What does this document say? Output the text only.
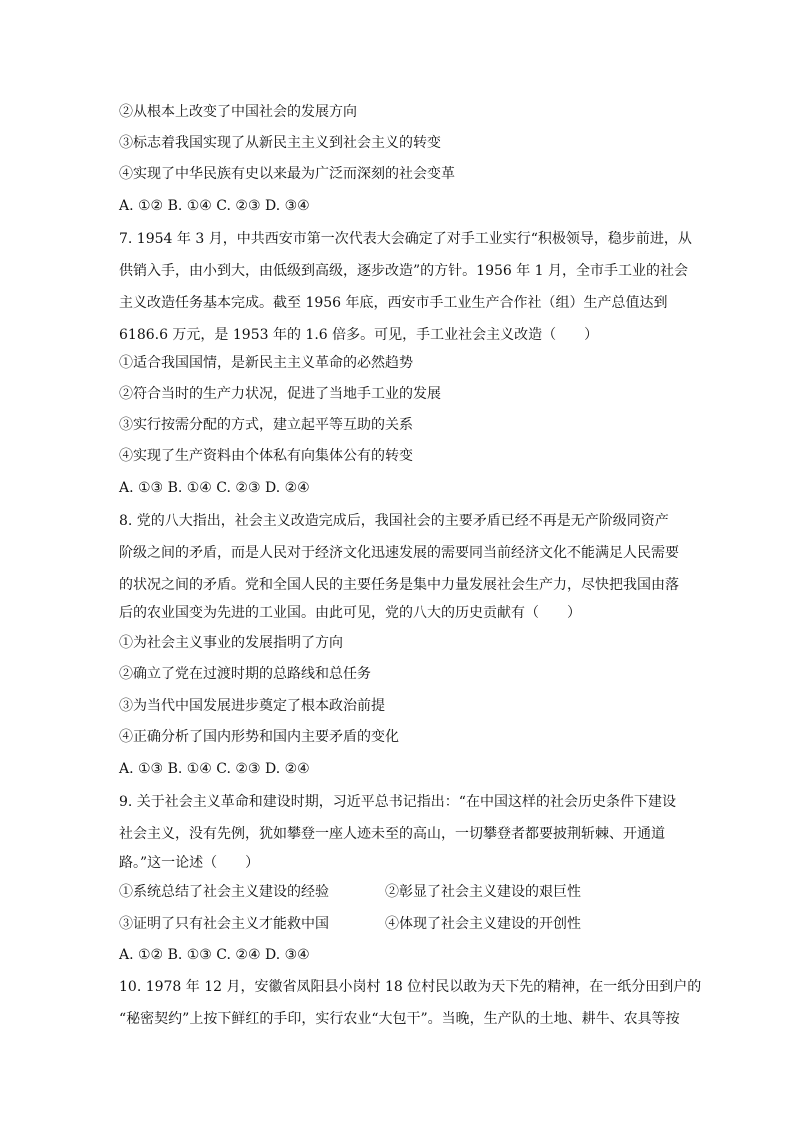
②从根本上改变了中国社会的发展方向
③标志着我国实现了从新民主主义到社会主义的转变
④实现了中华民族有史以来最为广泛而深刻的社会变革
A. ①② B. ①④ C. ②③ D. ③④
7. 1954 年 3 月，中共西安市第一次代表大会确定了对手工业实行“积极领导，稳步前进，从
供销入手，由小到大，由低级到高级，逐步改造”的方针。1956 年 1 月，全市手工业的社会
主义改造任务基本完成。截至 1956 年底，西安市手工业生产合作社（组）生产总值达到
6186.6 万元，是 1953 年的 1.6 倍多。可见，手工业社会主义改造（　　）
①适合我国国情，是新民主主义革命的必然趋势
②符合当时的生产力状况，促进了当地手工业的发展
③实行按需分配的方式，建立起平等互助的关系
④实现了生产资料由个体私有向集体公有的转变
A. ①③ B. ①④ C. ②③ D. ②④
8. 党的八大指出，社会主义改造完成后，我国社会的主要矛盾已经不再是无产阶级同资产
阶级之间的矛盾，而是人民对于经济文化迅速发展的需要同当前经济文化不能满足人民需要
的状况之间的矛盾。党和全国人民的主要任务是集中力量发展社会生产力，尽快把我国由落
后的农业国变为先进的工业国。由此可见，党的八大的历史贡献有（　　）
①为社会主义事业的发展指明了方向
②确立了党在过渡时期的总路线和总任务
③为当代中国发展进步奠定了根本政治前提
④正确分析了国内形势和国内主要矛盾的变化
A. ①③ B. ①④ C. ②③ D. ②④
9. 关于社会主义革命和建设时期，习近平总书记指出：“在中国这样的社会历史条件下建设
社会主义，没有先例，犹如攀登一座人迹未至的高山，一切攀登者都要披荆斩棘、开通道
路。”这一论述（　　）
①系统总结了社会主义建设的经验	②彰显了社会主义建设的艰巨性
③证明了只有社会主义才能救中国	④体现了社会主义建设的开创性
A. ①② B. ①③ C. ②④ D. ③④
10. 1978 年 12 月，安徽省凤阳县小岗村 18 位村民以敢为天下先的精神，在一纸分田到户的
“秘密契约”上按下鲜红的手印，实行农业“大包干”。当晚，生产队的土地、耕牛、农具等按
